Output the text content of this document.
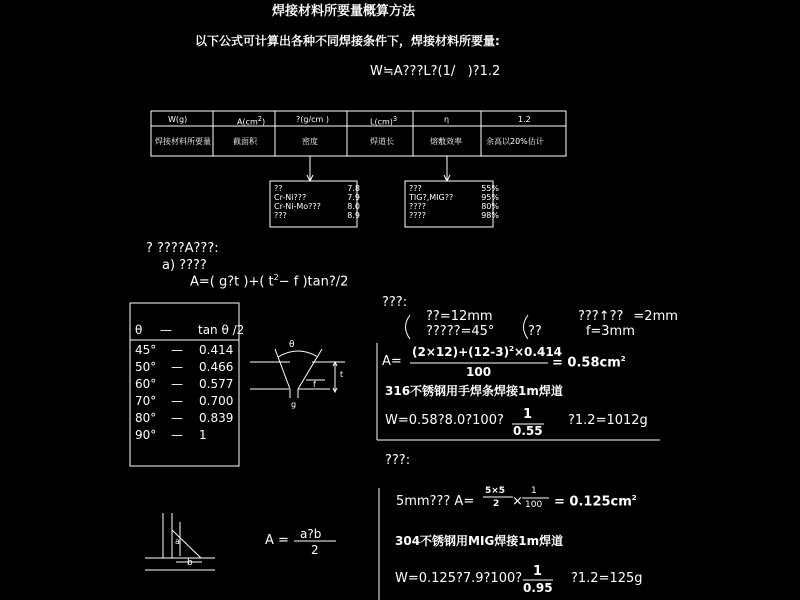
焊接材料所要量概算方法
以下公式可计算出各种不同焊接条件下，焊接材料所要量:
W≒A???L?(1/   )?1.2
W(g)	$A(cm^2)$	?(g/cm )	L(cm)$^3$	η	1.2
焊接材料所要量	截面积	密度	焊道长	熔敷效率	余高以20%估计
??	7.8
Cr-Ni???	7.9
Cr-Ni-Mo???	8.0
???	8.9
???	55%
TIG?,MIG??	95%
????	80%
????	98%
? ????A???:
a) ????
A=( g?t )+( $t^2- f$ )tan?/2
θ — tan θ /2
45° — 0.414
50° — 0.466
60° — 0.577
70° — 0.700
80° — 0.839
90° — 1
θ
t
f
g
???:
??=12mm
?????=45°
???↑?? =2mm
??	f=3mm
A=
$(2\times 12)+(12-3)^2\times 0.414$
100
= $0.58cm^2$
316不锈钢用手焊条焊接1m焊道
W=0.58?8.0?100? 1
0.55
?1.2=1012g
???:
5mm??? A=
5×5
2 ×
1
$100 = 0.125cm^2$
304不锈钢用MIG焊接1m焊道
W=0.125?7.9?100? 1
0.95
?1.2=125g
a
b
A = a?b
2
